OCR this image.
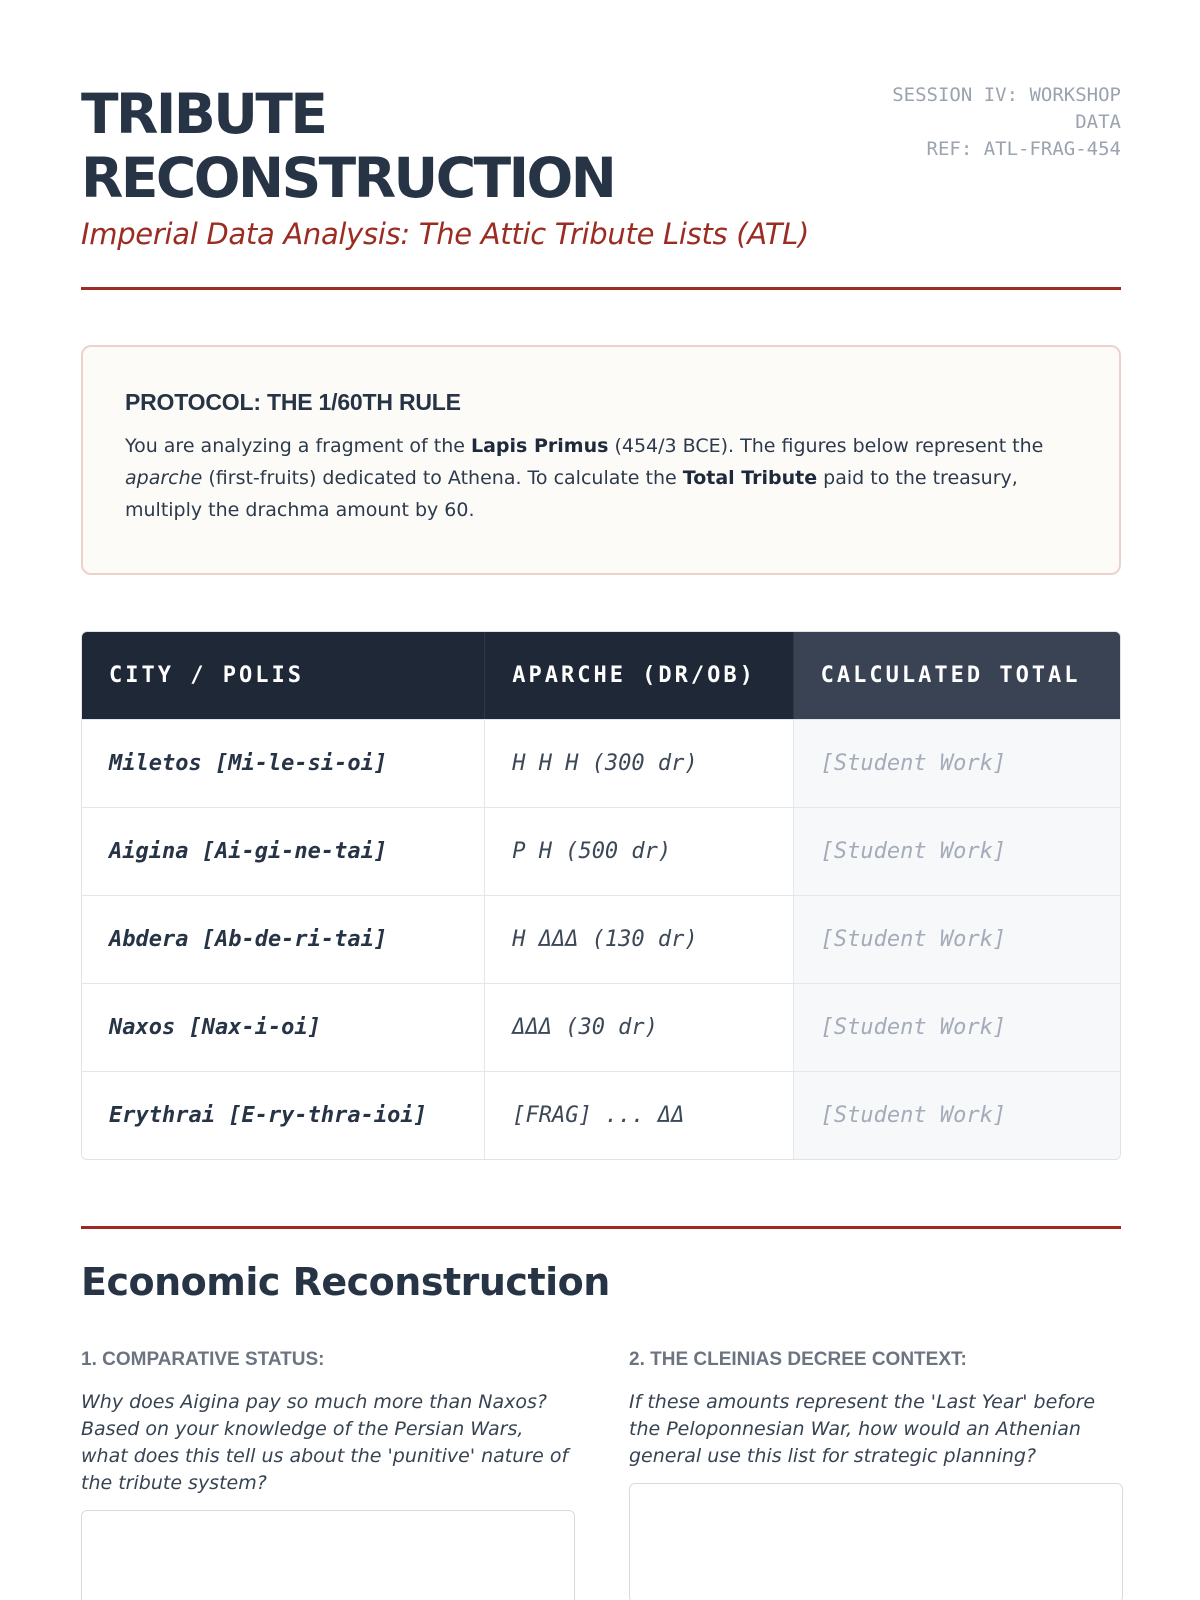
TRIBUTE
RECONSTRUCTION
Imperial Data Analysis: The Attic Tribute Lists (ATL)
SESSION IV: WORKSHOP
DATA
REF: ATL-FRAG-454
PROTOCOL: THE 1/60TH RULE

You are analyzing a fragment of the Lapis Primus (454/3 BCE). The figures below represent the aparche (first-fruits) dedicated to Athena. To calculate the Total Tribute paid to the treasury, multiply the drachma amount by 60.

CITY / POLIS	APARCHE (DR/OB)	CALCULATED TOTAL
Miletos [Mi-le-si-oi]	H H H (300 dr)	[Student Work]
Aigina [Ai-gi-ne-tai]	P H (500 dr)	[Student Work]
Abdera [Ab-de-ri-tai]	H ΔΔΔ (130 dr)	[Student Work]
Naxos [Nax-i-oi]	ΔΔΔ (30 dr)	[Student Work]
Erythrai [E-ry-thra-ioi]	[FRAG] ... ΔΔ	[Student Work]
Economic Reconstruction
1. COMPARATIVE STATUS:
Why does Aigina pay so much more than Naxos? Based on your knowledge of the Persian Wars, what does this tell us about the 'punitive' nature of the tribute system?
2. THE CLEINIAS DECREE CONTEXT:
If these amounts represent the 'Last Year' before the Peloponnesian War, how would an Athenian general use this list for strategic planning?
